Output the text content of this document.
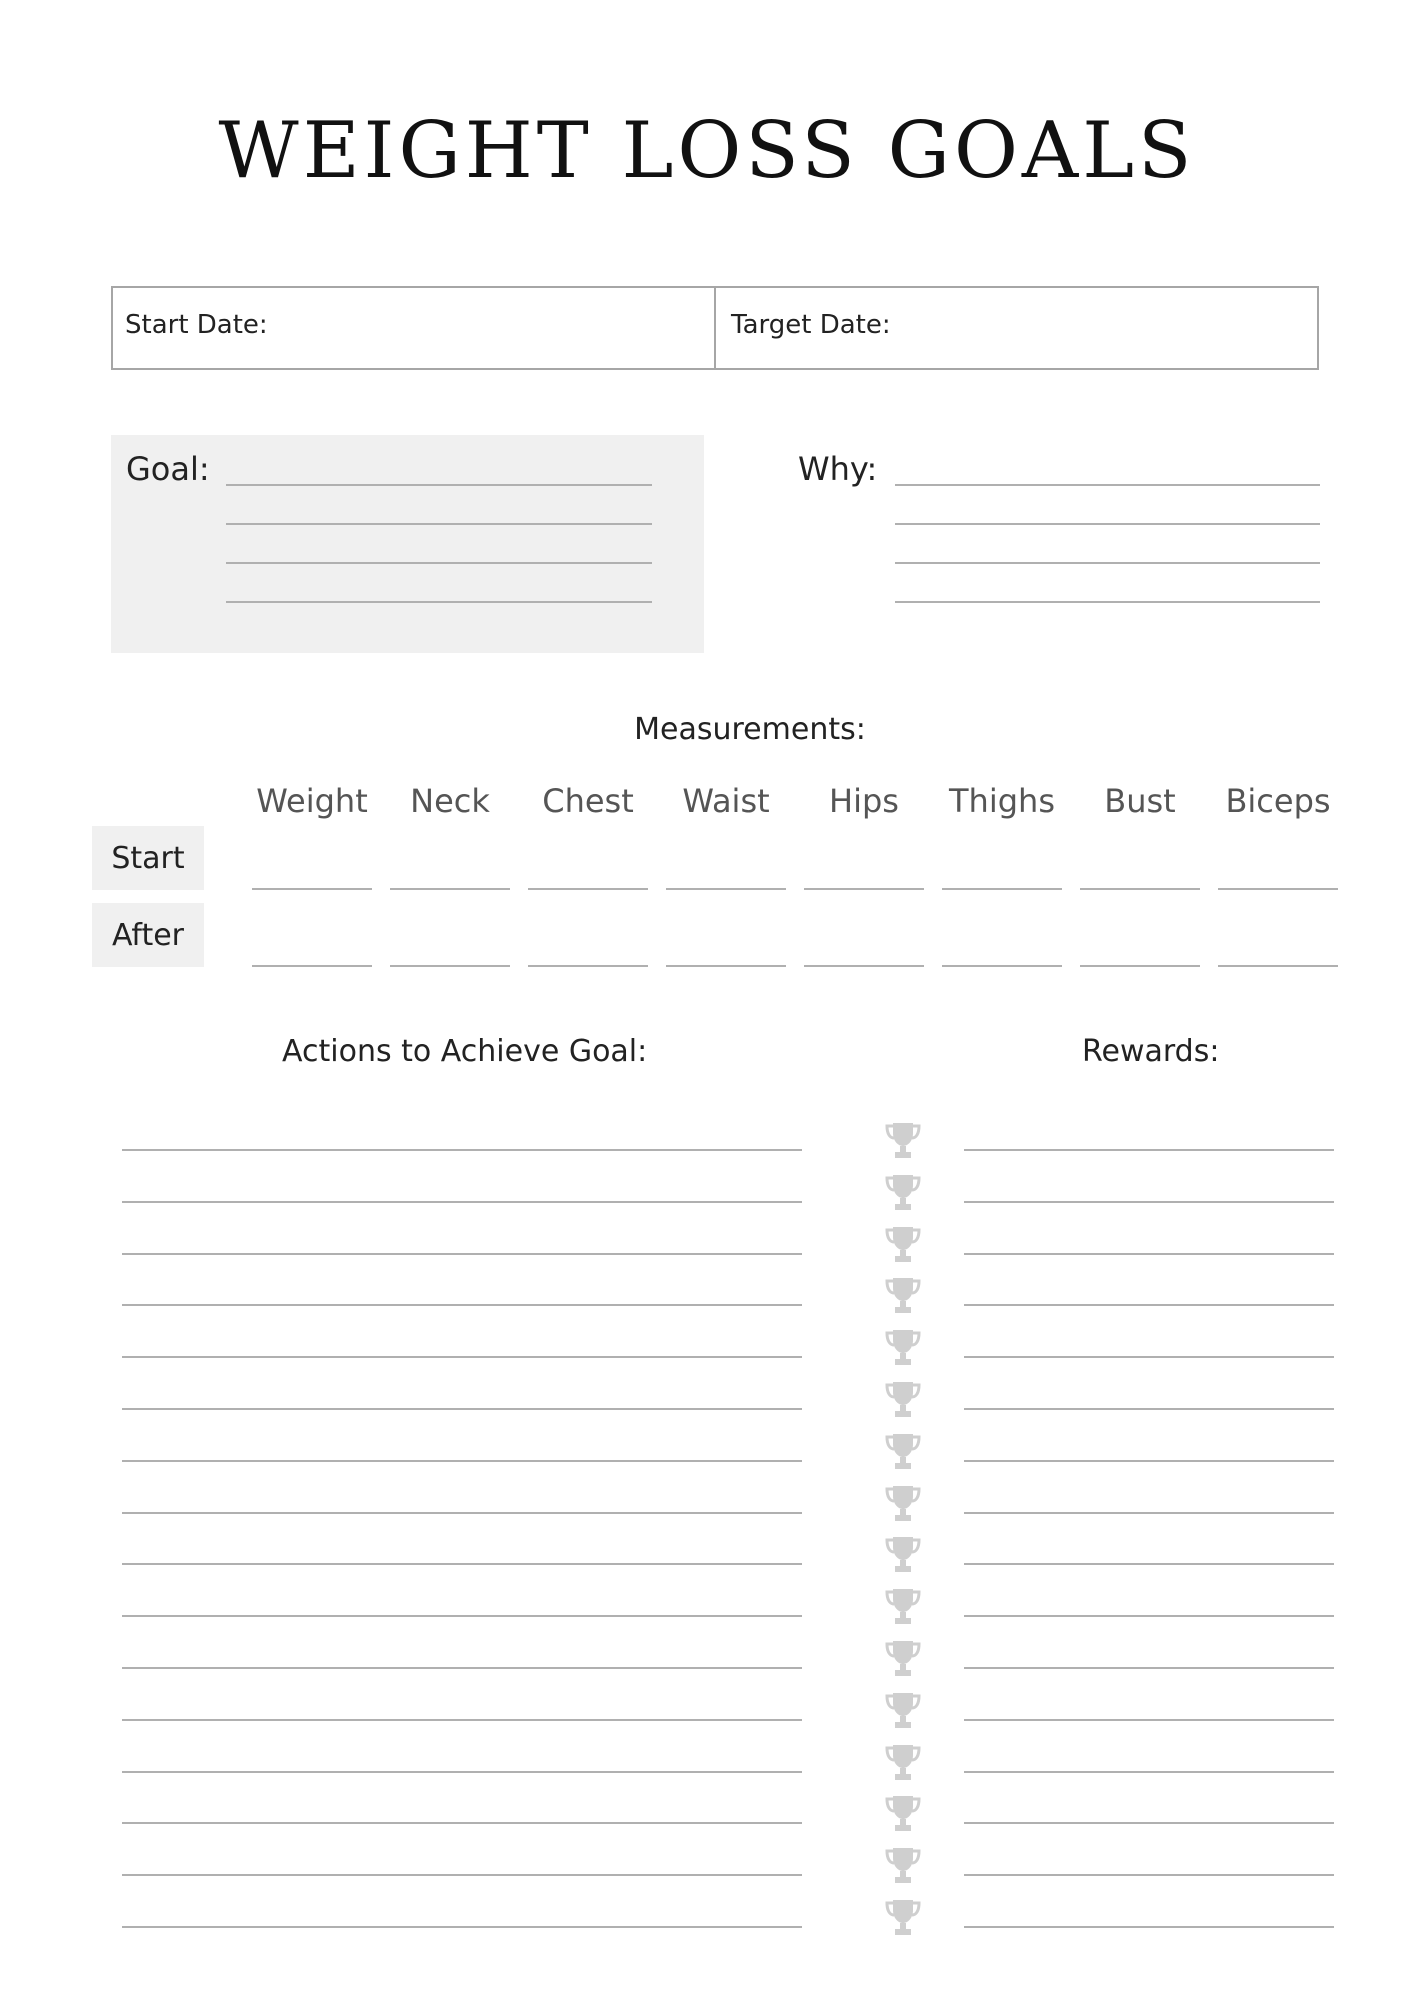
WEIGHT LOSS GOALS
Start Date:	Target Date:
Goal:	Why:
Measurements:
Weight	Neck	Chest	Waist	Hips	Thighs	Bust	Biceps
Start
After
Actions to Achieve Goal:	Rewards:
